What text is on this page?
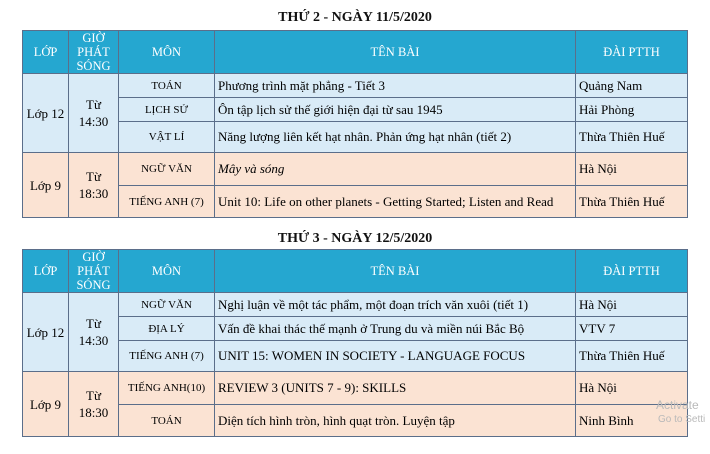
THỨ 2 - NGÀY 11/5/2020
LỚP	GIỜ PHÁT SÓNG	MÔN	TÊN BÀI	ĐÀI PTTH
Lớp 12	Từ 14:30	TOÁN	Phương trình mặt phẳng - Tiết 3	Quảng Nam
		LỊCH SỬ	Ôn tập lịch sử thế giới hiện đại từ sau 1945	Hải Phòng
		VẬT LÍ	Năng lượng liên kết hạt nhân. Phản ứng hạt nhân (tiết 2)	Thừa Thiên Huế
Lớp 9	Từ 18:30	NGỮ VĂN	Mây và sóng	Hà Nội
		TIẾNG ANH (7)	Unit 10: Life on other planets - Getting Started; Listen and Read	Thừa Thiên Huế
THỨ 3 - NGÀY 12/5/2020
LỚP	GIỜ PHÁT SÓNG	MÔN	TÊN BÀI	ĐÀI PTTH
Lớp 12	Từ 14:30	NGỮ VĂN	Nghị luận về một tác phẩm, một đoạn trích văn xuôi (tiết 1)	Hà Nội
		ĐỊA LÝ	Vấn đề khai thác thế mạnh ở Trung du và miền núi Bắc Bộ	VTV 7
		TIẾNG ANH (7)	UNIT 15: WOMEN IN SOCIETY - LANGUAGE FOCUS	Thừa Thiên Huế
Lớp 9	Từ 18:30	TIẾNG ANH(10)	REVIEW 3 (UNITS 7 - 9): SKILLS	Hà Nội
		TOÁN	Diện tích hình tròn, hình quạt tròn. Luyện tập	Ninh Bình
Activate
Go to Setti
